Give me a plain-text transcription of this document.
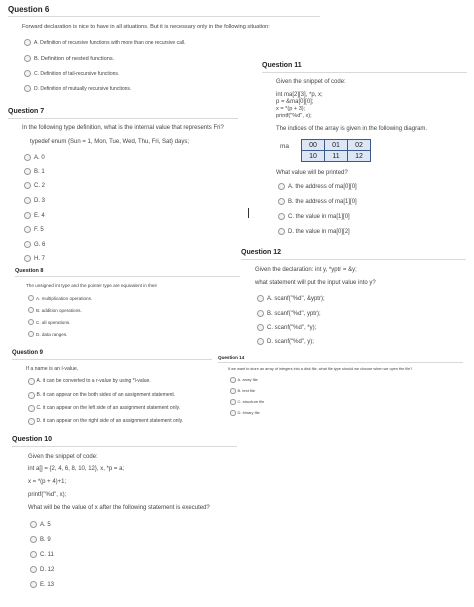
Question 6
Forward declaration is nice to have in all situations. But it is necessary only in the following situation:
A. Definition of recursive functions with more than one recursive call.
B. Definition of nested functions.
C. Definition of tail-recursive functions.
D. Definition of mutually recursive functions.
Question 7
In the following type definition, what is the internal value that represents Fri?
typedef enum {Sun = 1, Mon, Tue, Wed, Thu, Fri, Sat} days;
A. 0
B. 1
C. 2
D. 3
E. 4
F. 5
G. 6
H. 7
Question 8
The unsigned int type and the pointer type are equivalent in their
A. multiplication operations.
B. addition operations.
C. all operations.
D. data ranges.
Question 9
If a name is an l-value,
A. it can be converted to a r-value by using *l-value.
B. it can appear on the both sides of an assignment statement.
C. it can appear on the left side of an assignment statement only.
D. it can appear on the right side of an assignment statement only.
Question 10
Given the snippet of code:
int a[] = {2, 4, 6, 8, 10, 12}, x, *p = a;
x = *(p + 4)+1;
printf("%d", x);
What will be the value of x after the following statement is executed?
A. 5
B. 9
C. 11
D. 12
E. 13
Question 11
Given the snippet of code:
int ma[2][3], *p, x;
p = &ma[0][0];
x = *(p + 3);
printf("%d", x);
The indices of the array is given in the following diagram.
ma	00	01	02
10	11	12
What value will be printed?
A. the address of ma[0][0]
B. the address of ma[1][0]
C. the value in ma[1][0]
D. the value in ma[0][2]
Question 12
Given the declaration: int y, *yptr = &y;
what statement will put the input value into y?
A. scanf("%d", &yptr);
B. scanf("%d", yptr);
C. scanf("%d", *y);
D. scanf("%d", y);
Question 14
If we want to store an array of integers into a disk file, what file type should we choose when we open the file?
A. array file
B. text file
C. structure file
D. binary file
